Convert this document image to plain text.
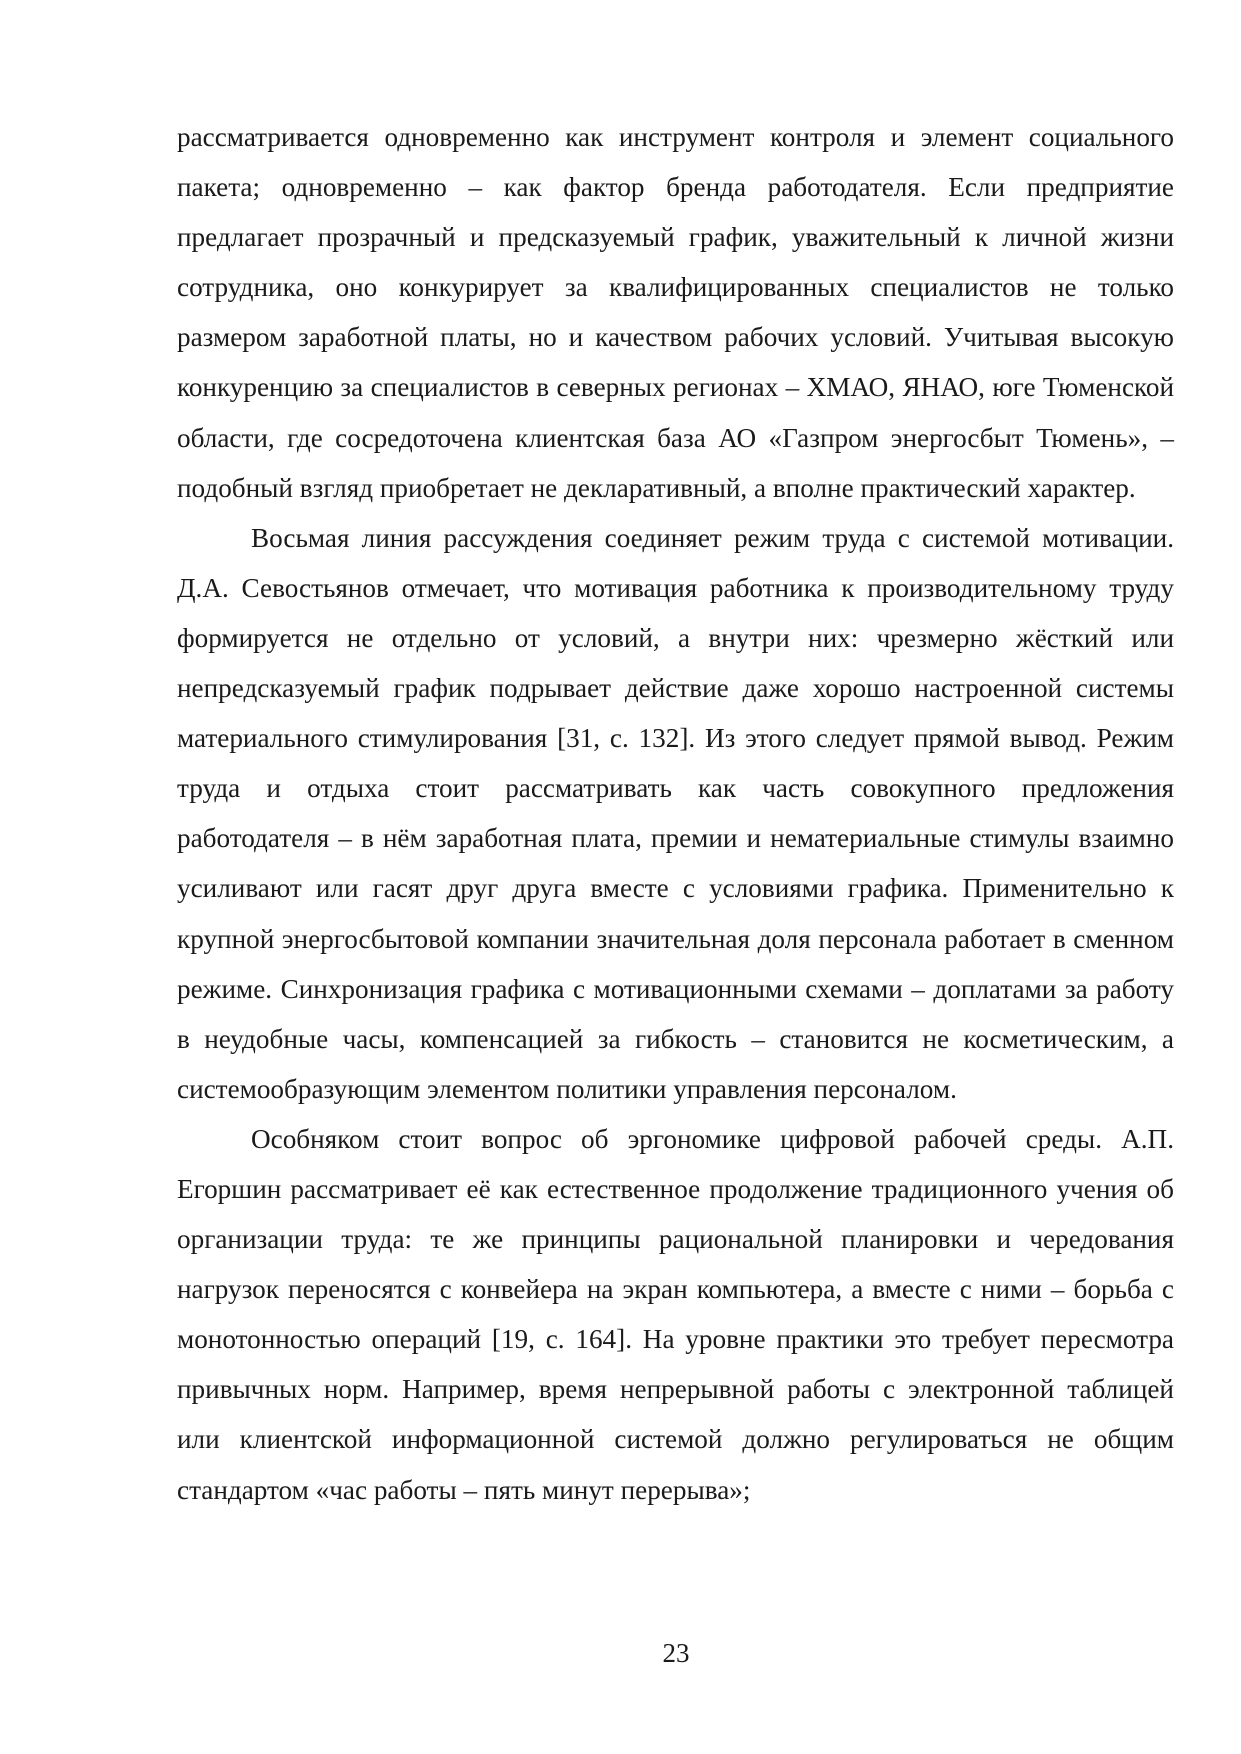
рассматривается одновременно как инструмент контроля и элемент социального пакета; одновременно – как фактор бренда работодателя. Если предприятие предлагает прозрачный и предсказуемый график, уважительный к личной жизни сотрудника, оно конкурирует за квалифицированных специалистов не только размером заработной платы, но и качеством рабочих условий. Учитывая высокую конкуренцию за специалистов в северных регионах – ХМАО, ЯНАО, юге Тюменской области, где сосредоточена клиентская база АО «Газпром энергосбыт Тюмень», – подобный взгляд приобретает не декларативный, а вполне практический характер.

Восьмая линия рассуждения соединяет режим труда с системой мотивации. Д.А. Севостьянов отмечает, что мотивация работника к производительному труду формируется не отдельно от условий, а внутри них: чрезмерно жёсткий или непредсказуемый график подрывает действие даже хорошо настроенной системы материального стимулирования [31, с. 132]. Из этого следует прямой вывод. Режим труда и отдыха стоит рассматривать как часть совокупного предложения работодателя – в нём заработная плата, премии и нематериальные стимулы взаимно усиливают или гасят друг друга вместе с условиями графика. Применительно к крупной энергосбытовой компании значительная доля персонала работает в сменном режиме. Синхронизация графика с мотивационными схемами – доплатами за работу в неудобные часы, компенсацией за гибкость – становится не косметическим, а системообразующим элементом политики управления персоналом.

Особняком стоит вопрос об эргономике цифровой рабочей среды. А.П. Егоршин рассматривает её как естественное продолжение традиционного учения об организации труда: те же принципы рациональной планировки и чередования нагрузок переносятся с конвейера на экран компьютера, а вместе с ними – борьба с монотонностью операций [19, с. 164]. На уровне практики это требует пересмотра привычных норм. Например, время непрерывной работы с электронной таблицей или клиентской информационной системой должно регулироваться не общим стандартом «час работы – пять минут перерыва»;

23
